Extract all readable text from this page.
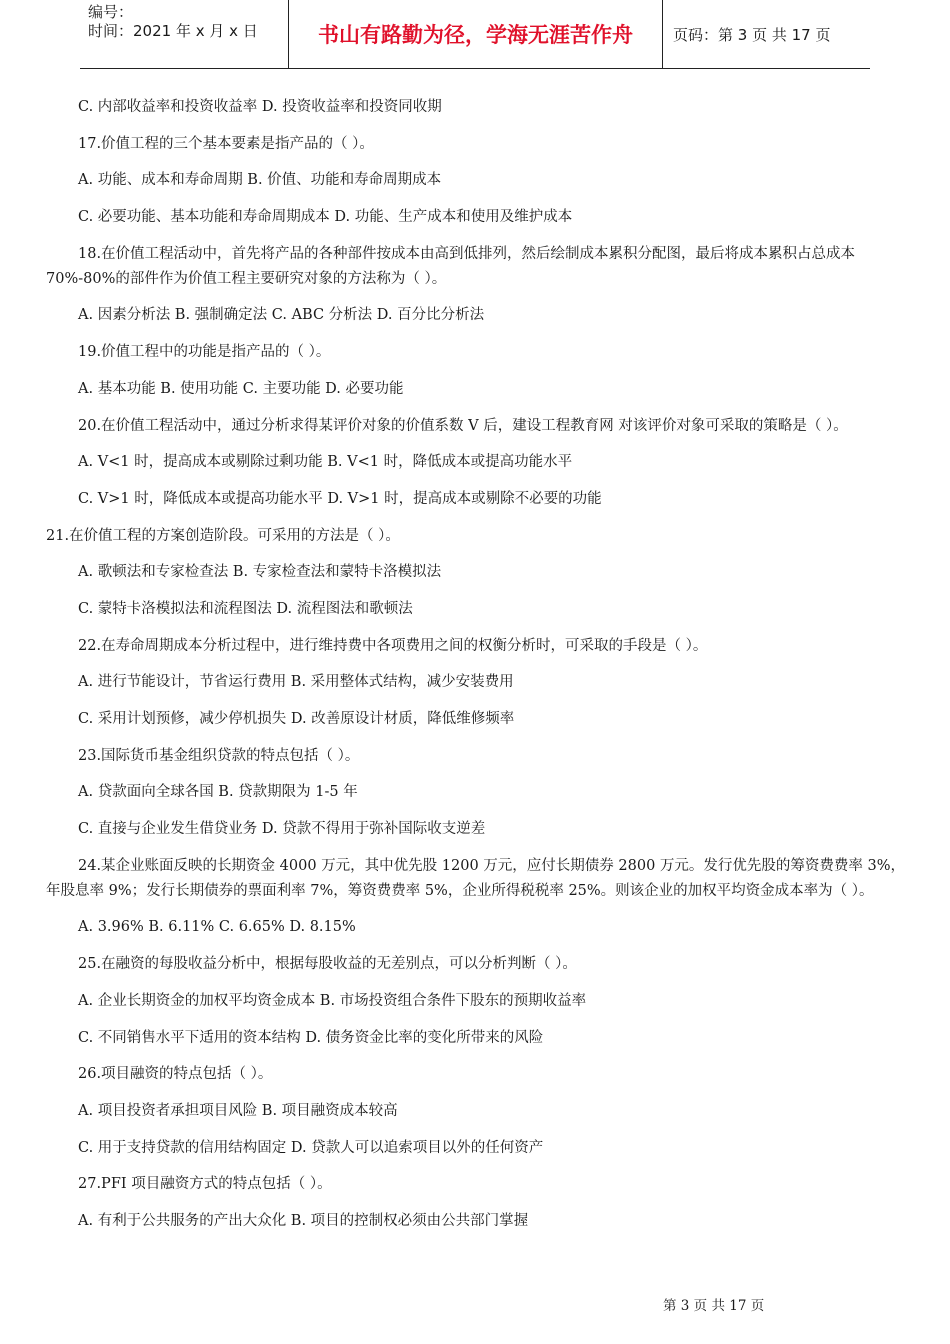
编号：
时间：2021 年 x 月 x 日	书山有路勤为径，学海无涯苦作舟	页码：第 3 页 共 17 页
C. 内部收益率和投资收益率 D. 投资收益率和投资同收期
17.价值工程的三个基本要素是指产品的（ ）。
A. 功能、成本和寿命周期 B. 价值、功能和寿命周期成本
C. 必要功能、基本功能和寿命周期成本 D. 功能、生产成本和使用及维护成本
18.在价值工程活动中，首先将产品的各种部件按成本由高到低排列，然后绘制成本累积分配图，最后将成本累积占总成本 70%-80%的部件作为价值工程主要研究对象的方法称为（ ）。
A. 因素分析法 B. 强制确定法 C. ABC 分析法 D. 百分比分析法
19.价值工程中的功能是指产品的（ ）。
A. 基本功能 B. 使用功能 C. 主要功能 D. 必要功能
20.在价值工程活动中，通过分析求得某评价对象的价值系数 V 后，建设工程教育网 对该评价对象可采取的策略是（ ）。
A. V<1 时，提高成本或剔除过剩功能 B. V<1 时，降低成本或提高功能水平
C. V>1 时，降低成本或提高功能水平 D. V>1 时，提高成本或剔除不必要的功能
21.在价值工程的方案创造阶段。可采用的方法是（ ）。
A. 歌顿法和专家检查法 B. 专家检查法和蒙特卡洛模拟法
C. 蒙特卡洛模拟法和流程图法 D. 流程图法和歌顿法
22.在寿命周期成本分析过程中，进行维持费中各项费用之间的权衡分析时，可采取的手段是（ ）。
A. 进行节能设计，节省运行费用 B. 采用整体式结构，减少安装费用
C. 采用计划预修，减少停机损失 D. 改善原设计材质，降低维修频率
23.国际货币基金组织贷款的特点包括（ ）。
A. 贷款面向全球各国 B. 贷款期限为 1-5 年
C. 直接与企业发生借贷业务 D. 贷款不得用于弥补国际收支逆差
24.某企业账面反映的长期资金 4000 万元，其中优先股 1200 万元，应付长期债券 2800 万元。发行优先股的筹资费费率 3%，年股息率 9%；发行长期债券的票面利率 7%，筹资费费率 5%，企业所得税税率 25%。则该企业的加权平均资金成本率为（ ）。
A. 3.96% B. 6.11% C. 6.65% D. 8.15%
25.在融资的每股收益分析中，根据每股收益的无差别点，可以分析判断（ ）。
A. 企业长期资金的加权平均资金成本 B. 市场投资组合条件下股东的预期收益率
C. 不同销售水平下适用的资本结构 D. 债务资金比率的变化所带来的风险
26.项目融资的特点包括（ ）。
A. 项目投资者承担项目风险 B. 项目融资成本较高
C. 用于支持贷款的信用结构固定 D. 贷款人可以追索项目以外的任何资产
27.PFI 项目融资方式的特点包括（ ）。
A. 有利于公共服务的产出大众化 B. 项目的控制权必须由公共部门掌握
第 3 页 共 17 页
